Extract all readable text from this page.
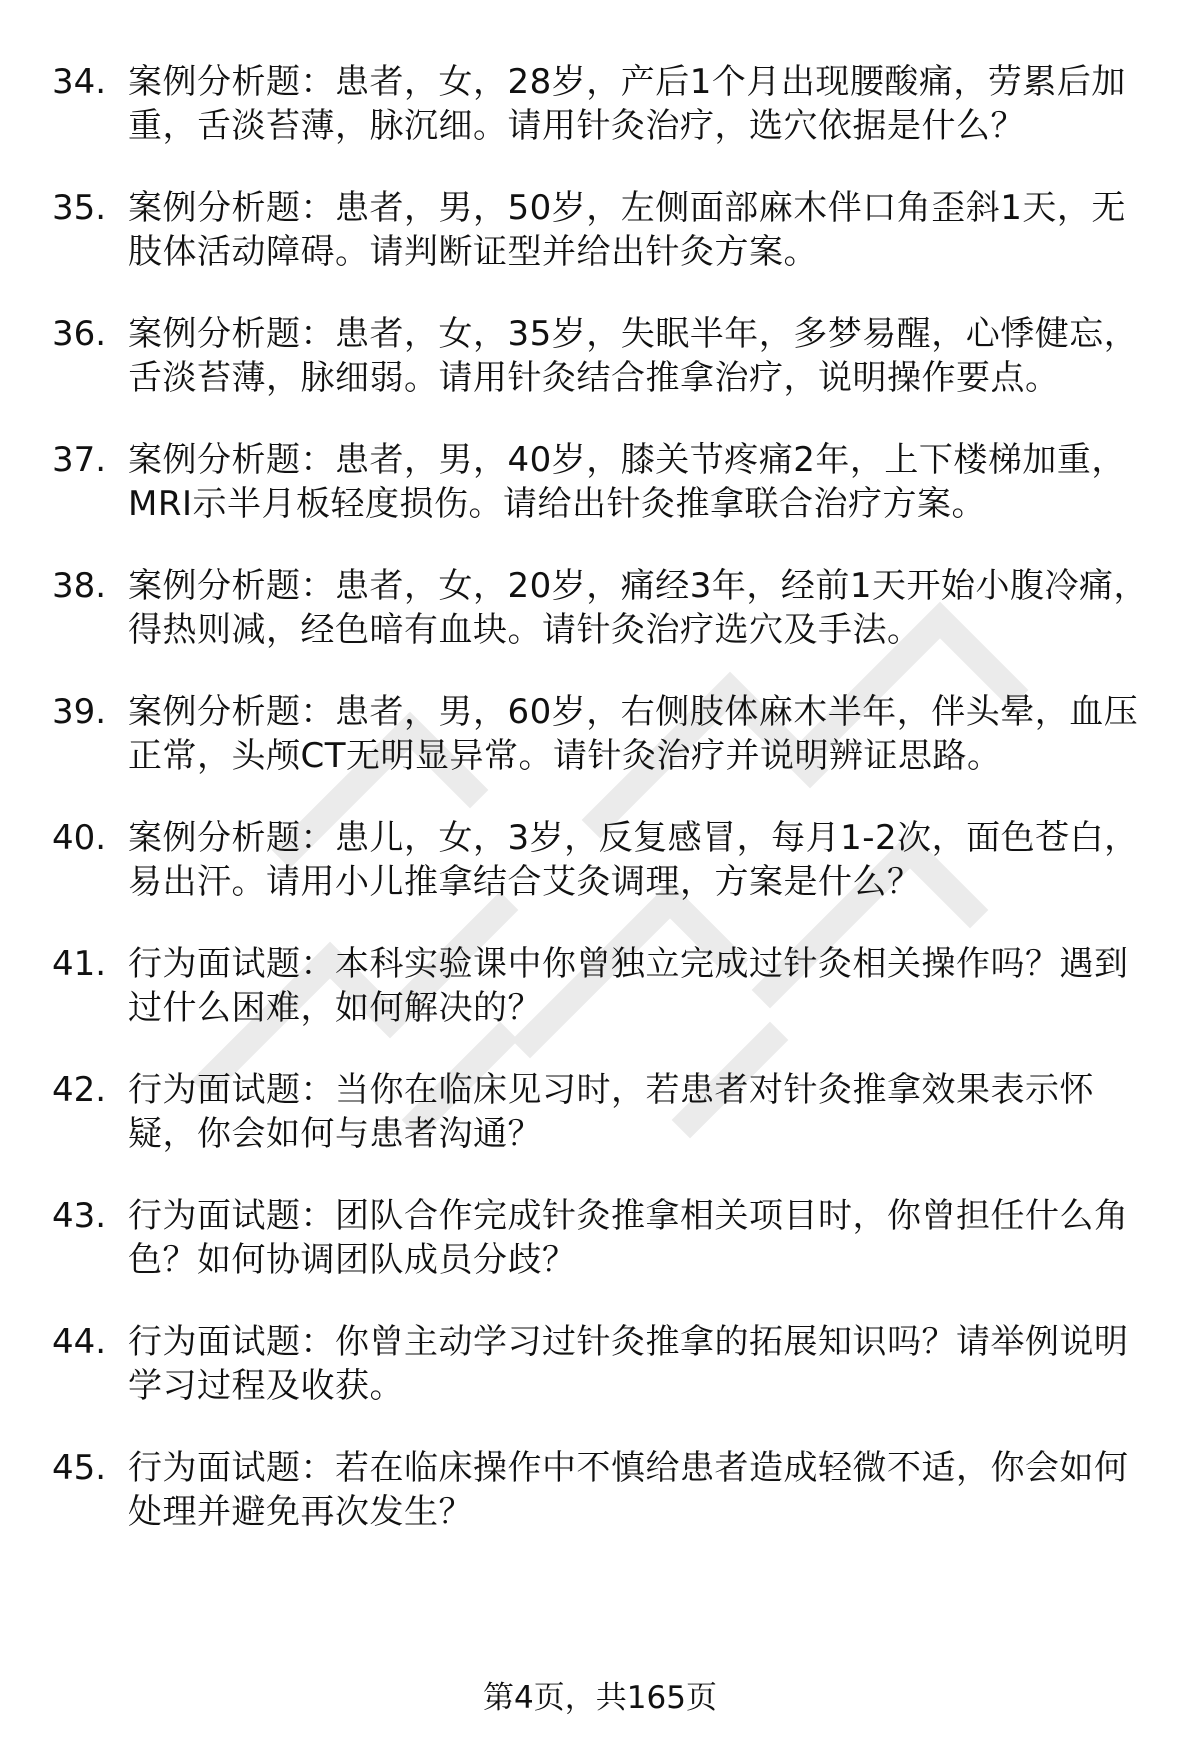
34. 案例分析题：患者，女，28岁，产后1个月出现腰酸痛，劳累后加重，舌淡苔薄，脉沉细。请用针灸治疗，选穴依据是什么？
35. 案例分析题：患者，男，50岁，左侧面部麻木伴口角歪斜1天，无肢体活动障碍。请判断证型并给出针灸方案。
36. 案例分析题：患者，女，35岁，失眠半年，多梦易醒，心悸健忘，舌淡苔薄，脉细弱。请用针灸结合推拿治疗，说明操作要点。
37. 案例分析题：患者，男，40岁，膝关节疼痛2年，上下楼梯加重，MRI示半月板轻度损伤。请给出针灸推拿联合治疗方案。
38. 案例分析题：患者，女，20岁，痛经3年，经前1天开始小腹冷痛，得热则减，经色暗有血块。请针灸治疗选穴及手法。
39. 案例分析题：患者，男，60岁，右侧肢体麻木半年，伴头晕，血压正常，头颅CT无明显异常。请针灸治疗并说明辨证思路。
40. 案例分析题：患儿，女，3岁，反复感冒，每月1-2次，面色苍白，易出汗。请用小儿推拿结合艾灸调理，方案是什么？
41. 行为面试题：本科实验课中你曾独立完成过针灸相关操作吗？遇到过什么困难，如何解决的？
42. 行为面试题：当你在临床见习时，若患者对针灸推拿效果表示怀疑，你会如何与患者沟通？
43. 行为面试题：团队合作完成针灸推拿相关项目时，你曾担任什么角色？如何协调团队成员分歧？
44. 行为面试题：你曾主动学习过针灸推拿的拓展知识吗？请举例说明学习过程及收获。
45. 行为面试题：若在临床操作中不慎给患者造成轻微不适，你会如何处理并避免再次发生？
第4页，共165页
